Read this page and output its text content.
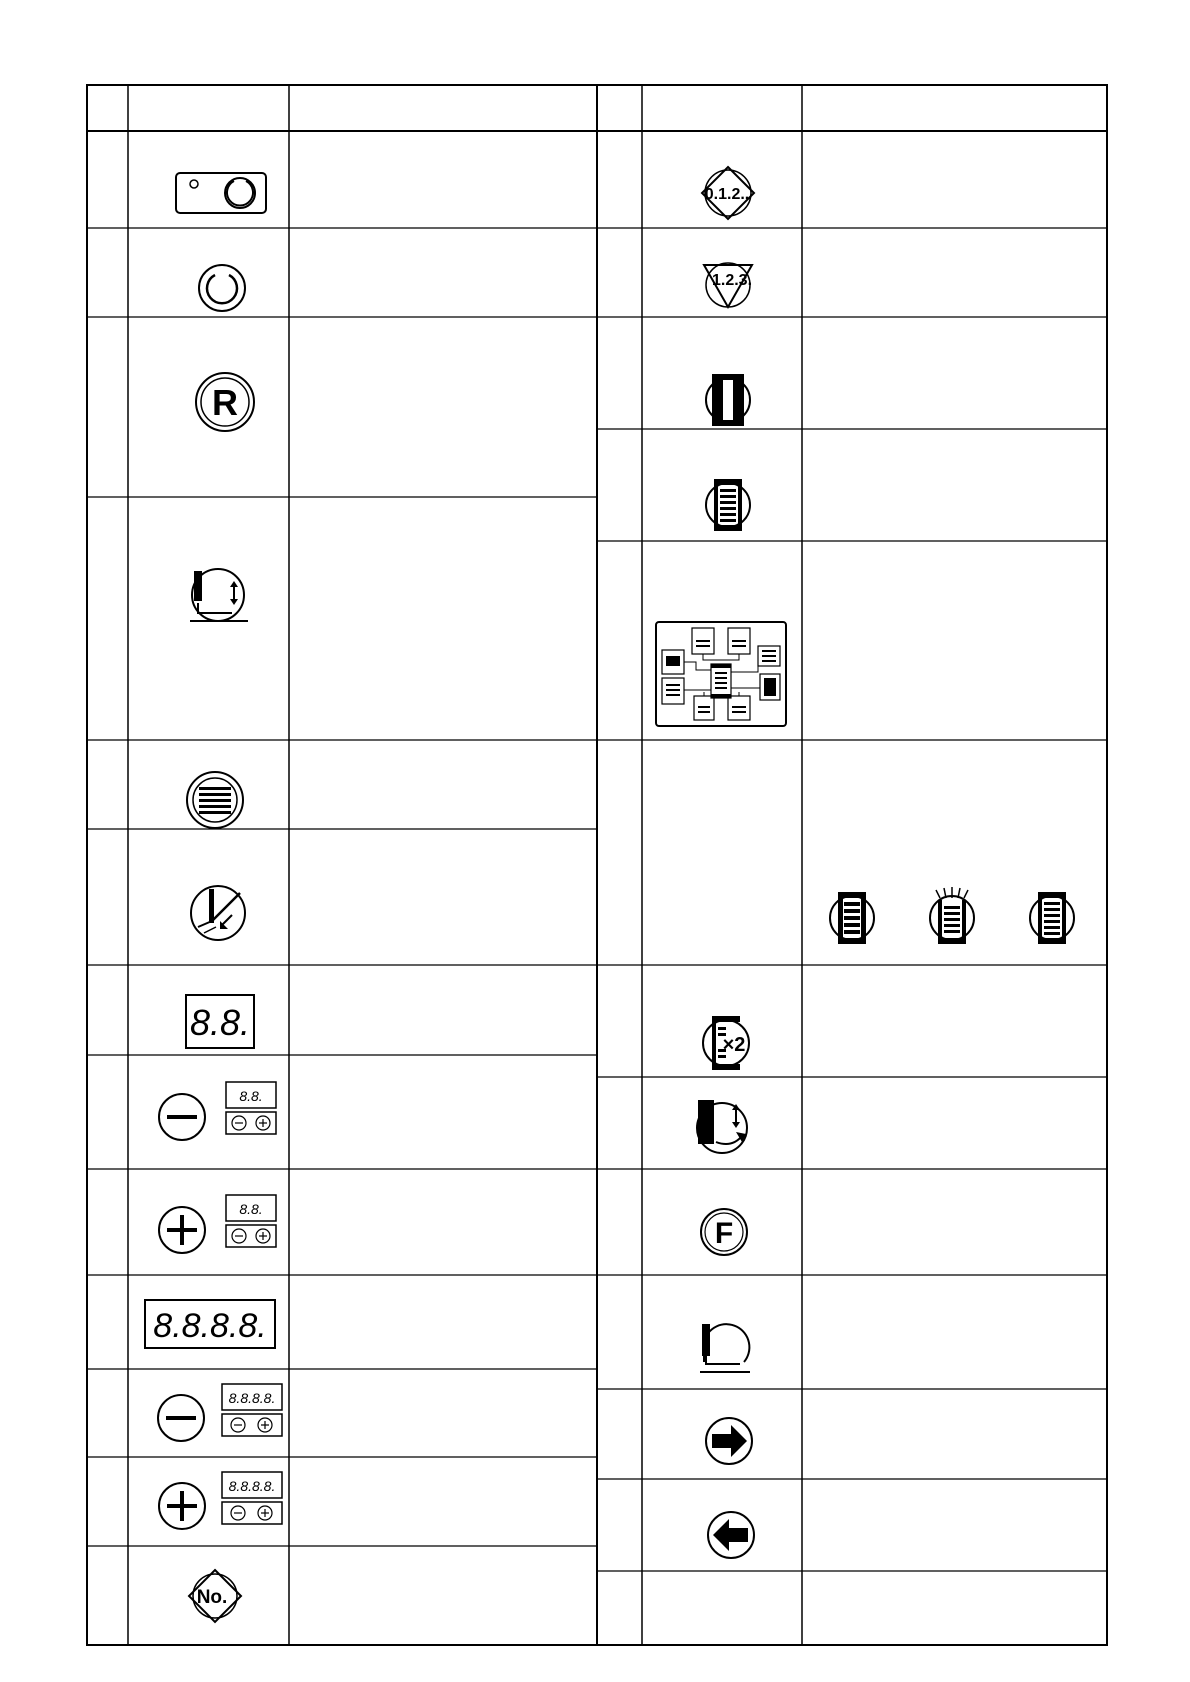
R
8.8.
8.8.
8.8.
8.8.8.8.
8.8.8.8.
8.8.8.8.
No.
0.1.2..
1.2.3.
×2
F
